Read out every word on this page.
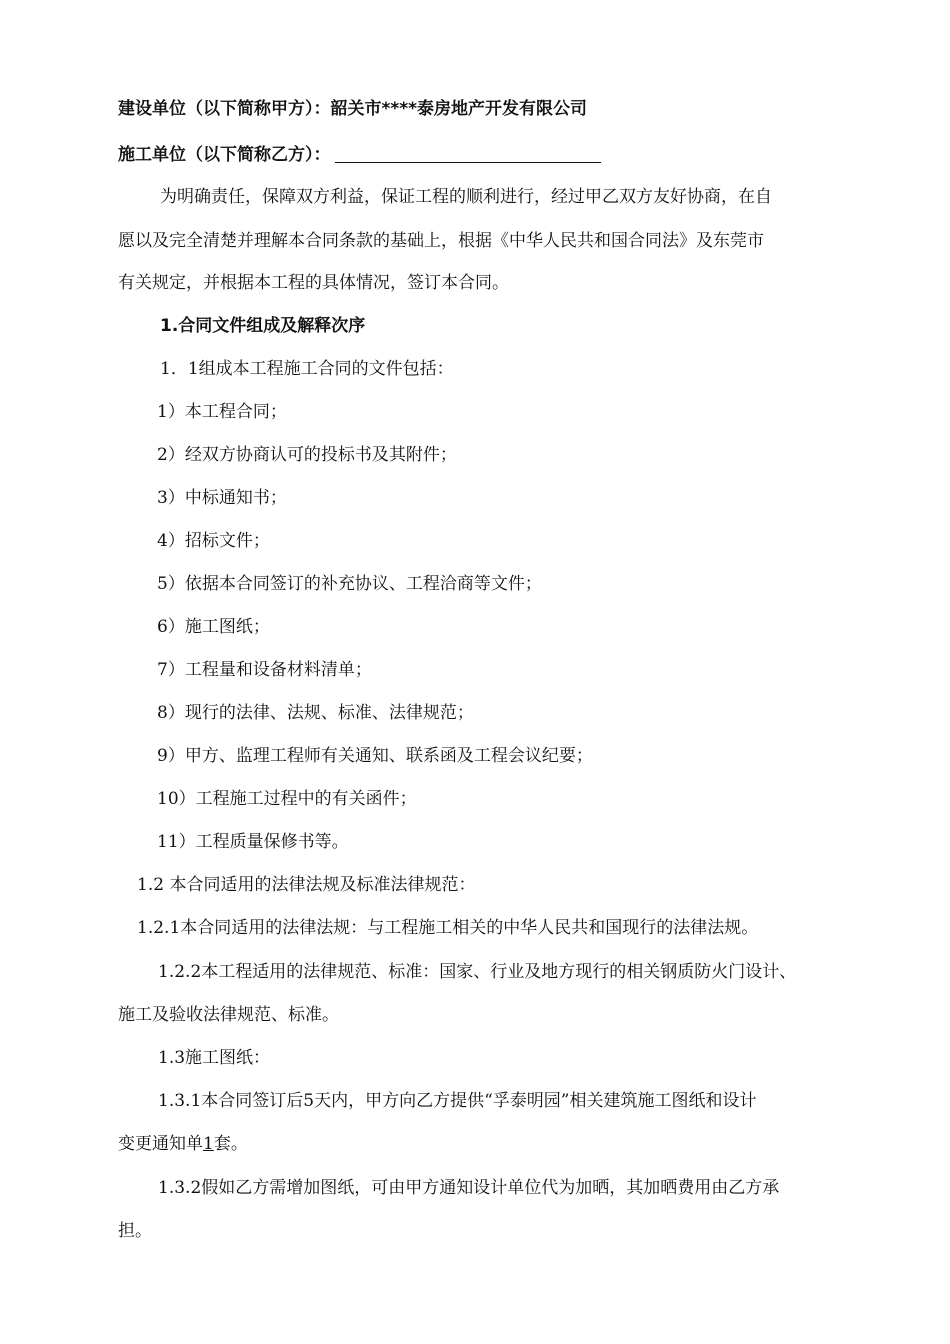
建设单位（以下简称甲方）：韶关市****泰房地产开发有限公司
施工单位（以下简称乙方）：
为明确责任，保障双方利益，保证工程的顺利进行，经过甲乙双方友好协商，在自
愿以及完全清楚并理解本合同条款的基础上，根据《中华人民共和国合同法》及东莞市
有关规定，并根据本工程的具体情况，签订本合同。
1.合同文件组成及解释次序
1．1组成本工程施工合同的文件包括：
1）本工程合同；
2）经双方协商认可的投标书及其附件；
3）中标通知书；
4）招标文件；
5）依据本合同签订的补充协议、工程洽商等文件；
6）施工图纸；
7）工程量和设备材料清单；
8）现行的法律、法规、标准、法律规范；
9）甲方、监理工程师有关通知、联系函及工程会议纪要；
10）工程施工过程中的有关函件；
11）工程质量保修书等。
1.2 本合同适用的法律法规及标准法律规范：
1.2.1本合同适用的法律法规：与工程施工相关的中华人民共和国现行的法律法规。
1.2.2本工程适用的法律规范、标准：国家、行业及地方现行的相关钢质防火门设计、
施工及验收法律规范、标准。
1.3施工图纸：
1.3.1本合同签订后5天内，甲方向乙方提供“孚泰明园”相关建筑施工图纸和设计
变更通知单1套。
1.3.2假如乙方需增加图纸，可由甲方通知设计单位代为加晒，其加晒费用由乙方承
担。
